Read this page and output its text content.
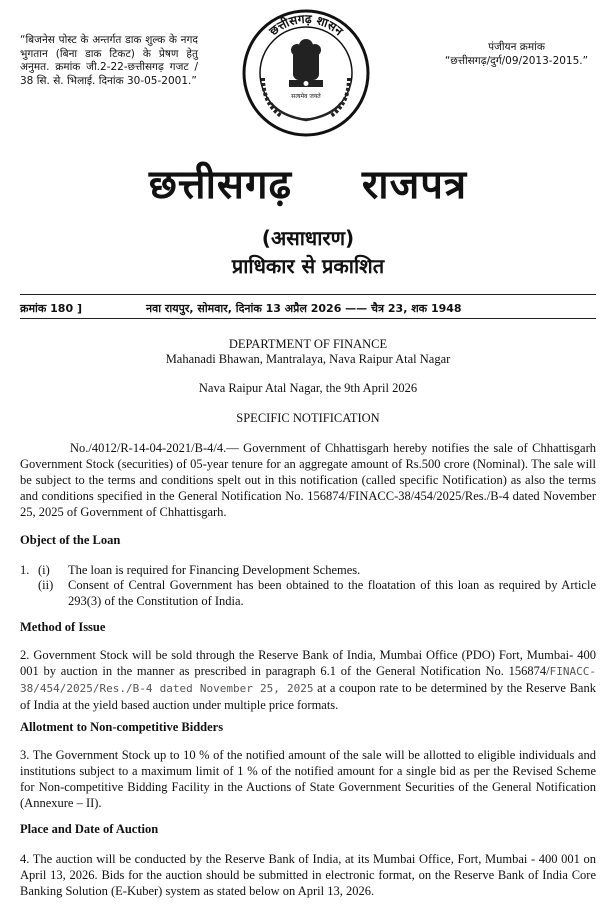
“बिजनेस पोस्ट के अन्तर्गत डाक शुल्क के नगद भुगतान (बिना डाक टिकट) के प्रेषण हेतु अनुमत. क्रमांक जी.2-22-छत्तीसगढ़ गजट / 38 सि. से. भिलाई. दिनांक 30-05-2001.”
छत्तीसगढ़ शासन
सत्यमेव जयते
पंजीयन क्रमांक
“छत्तीसगढ़/दुर्ग/09/2013-2015.”
छत्तीसगढ़ राजपत्र
(असाधारण)
प्राधिकार से प्रकाशित
क्रमांक 180 ]	नवा रायपुर, सोमवार, दिनांक 13 अप्रैल 2026 —— चैत्र 23, शक 1948
DEPARTMENT OF FINANCE
Mahanadi Bhawan, Mantralaya, Nava Raipur Atal Nagar
Nava Raipur Atal Nagar, the 9th April 2026
SPECIFIC NOTIFICATION
No./4012/R-14-04-2021/B-4/4.— Government of Chhattisgarh hereby notifies the sale of Chhattisgarh Government Stock (securities) of 05-year tenure for an aggregate amount of Rs.500 crore (Nominal). The sale will be subject to the terms and conditions spelt out in this notification (called specific Notification) as also the terms and conditions specified in the General Notification No. 156874/FINACC-38/454/2025/Res./B-4 dated November 25, 2025 of Government of Chhattisgarh.
Object of the Loan
1. (i) The loan is required for Financing Development Schemes.
(ii) Consent of Central Government has been obtained to the floatation of this loan as required by Article 293(3) of the Constitution of India.
Method of Issue
2. Government Stock will be sold through the Reserve Bank of India, Mumbai Office (PDO) Fort, Mumbai- 400 001 by auction in the manner as prescribed in paragraph 6.1 of the General Notification No. 156874/FINACC-38/454/2025/Res./B-4 dated November 25, 2025 at a coupon rate to be determined by the Reserve Bank of India at the yield based auction under multiple price formats.
Allotment to Non-competitive Bidders
3. The Government Stock up to 10 % of the notified amount of the sale will be allotted to eligible individuals and institutions subject to a maximum limit of 1 % of the notified amount for a single bid as per the Revised Scheme for Non-competitive Bidding Facility in the Auctions of State Government Securities of the General Notification (Annexure – II).
Place and Date of Auction
4. The auction will be conducted by the Reserve Bank of India, at its Mumbai Office, Fort, Mumbai - 400 001 on April 13, 2026. Bids for the auction should be submitted in electronic format, on the Reserve Bank of India Core Banking Solution (E-Kuber) system as stated below on April 13, 2026.
